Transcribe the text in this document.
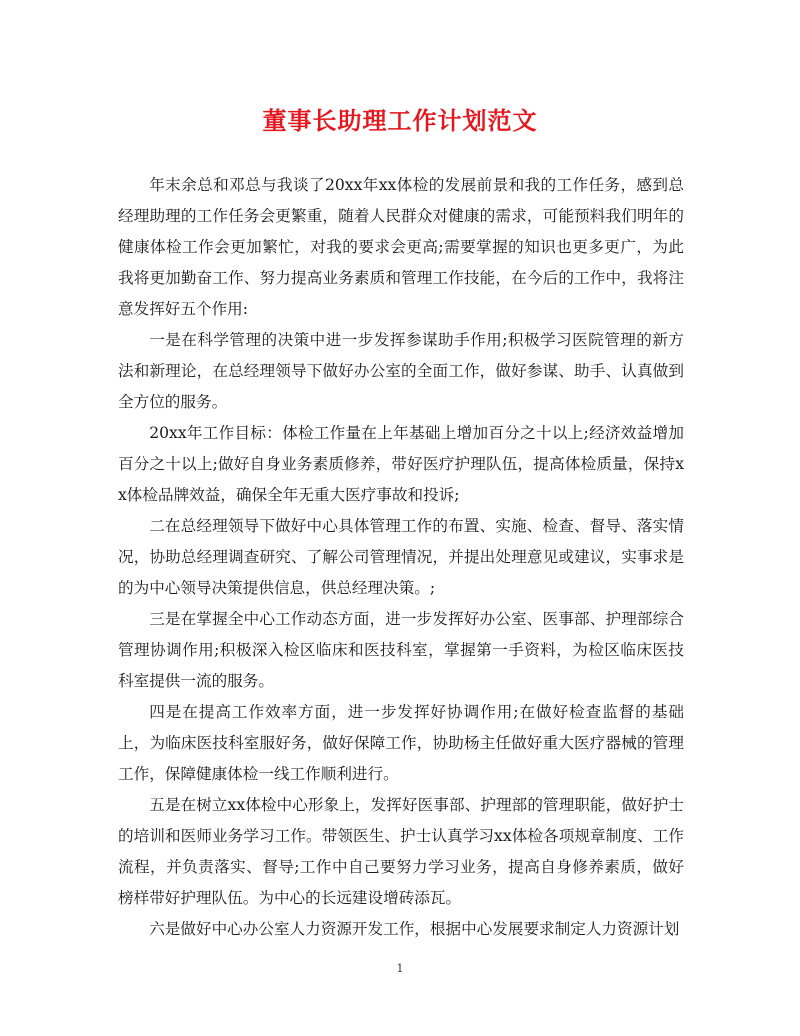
董事长助理工作计划范文

年末余总和邓总与我谈了20xx年xx体检的发展前景和我的工作任务，感到总经理助理的工作任务会更繁重，随着人民群众对健康的需求，可能预料我们明年的健康体检工作会更加繁忙，对我的要求会更高;需要掌握的知识也更多更广，为此我将更加勤奋工作、努力提高业务素质和管理工作技能，在今后的工作中，我将注意发挥好五个作用:

一是在科学管理的决策中进一步发挥参谋助手作用;积极学习医院管理的新方法和新理论，在总经理领导下做好办公室的全面工作，做好参谋、助手、认真做到全方位的服务。

20xx年工作目标：体检工作量在上年基础上增加百分之十以上;经济效益增加百分之十以上;做好自身业务素质修养，带好医疗护理队伍，提高体检质量，保持xx体检品牌效益，确保全年无重大医疗事故和投诉;

二在总经理领导下做好中心具体管理工作的布置、实施、检查、督导、落实情况，协助总经理调查研究、了解公司管理情况，并提出处理意见或建议，实事求是的为中心领导决策提供信息，供总经理决策。;

三是在掌握全中心工作动态方面，进一步发挥好办公室、医事部、护理部综合管理协调作用;积极深入检区临床和医技科室，掌握第一手资料，为检区临床医技科室提供一流的服务。

四是在提高工作效率方面，进一步发挥好协调作用;在做好检查监督的基础上，为临床医技科室服好务，做好保障工作，协助杨主任做好重大医疗器械的管理工作，保障健康体检一线工作顺利进行。

五是在树立xx体检中心形象上，发挥好医事部、护理部的管理职能，做好护士的培训和医师业务学习工作。带领医生、护士认真学习xx体检各项规章制度、工作流程，并负责落实、督导;工作中自己要努力学习业务，提高自身修养素质，做好榜样带好护理队伍。为中心的长远建设增砖添瓦。

六是做好中心办公室人力资源开发工作，根据中心发展要求制定人力资源计划

1
